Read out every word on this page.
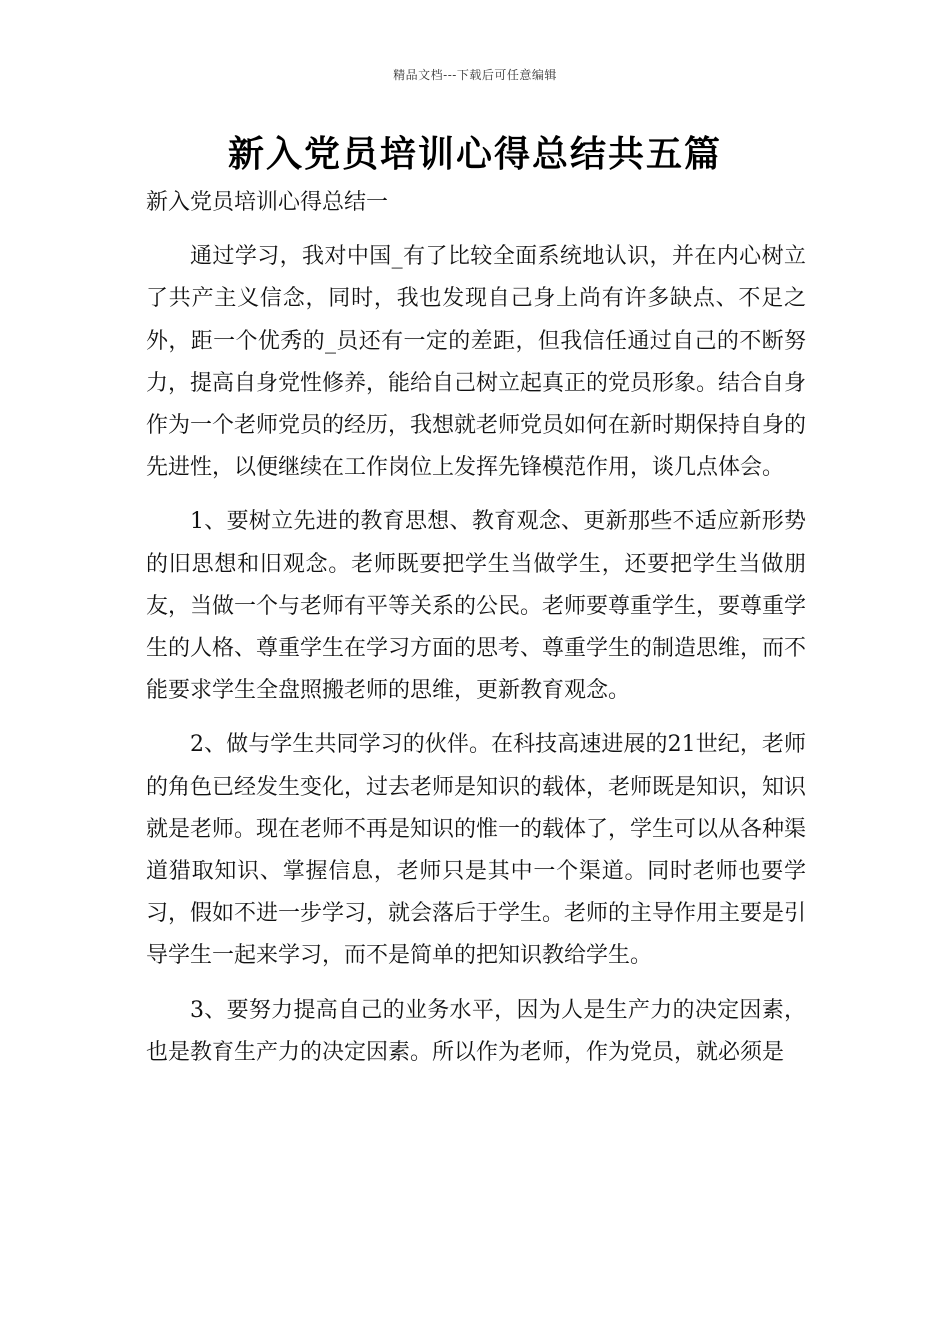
精品文档---下载后可任意编辑
新入党员培训心得总结共五篇

新入党员培训心得总结一

通过学习，我对中国_有了比较全面系统地认识，并在内心树立了共产主义信念，同时，我也发现自己身上尚有许多缺点、不足之外，距一个优秀的_员还有一定的差距，但我信任通过自己的不断努力，提高自身党性修养，能给自己树立起真正的党员形象。结合自身作为一个老师党员的经历，我想就老师党员如何在新时期保持自身的先进性，以便继续在工作岗位上发挥先锋模范作用，谈几点体会。

1、要树立先进的教育思想、教育观念、更新那些不适应新形势的旧思想和旧观念。老师既要把学生当做学生，还要把学生当做朋友，当做一个与老师有平等关系的公民。老师要尊重学生，要尊重学生的人格、尊重学生在学习方面的思考、尊重学生的制造思维，而不能要求学生全盘照搬老师的思维，更新教育观念。

2、做与学生共同学习的伙伴。在科技高速进展的21世纪，老师的角色已经发生变化，过去老师是知识的载体，老师既是知识，知识就是老师。现在老师不再是知识的惟一的载体了，学生可以从各种渠道猎取知识、掌握信息，老师只是其中一个渠道。同时老师也要学习，假如不进一步学习，就会落后于学生。老师的主导作用主要是引导学生一起来学习，而不是简单的把知识教给学生。

3、要努力提高自己的业务水平，因为人是生产力的决定因素，也是教育生产力的决定因素。所以作为老师，作为党员，就必须是
